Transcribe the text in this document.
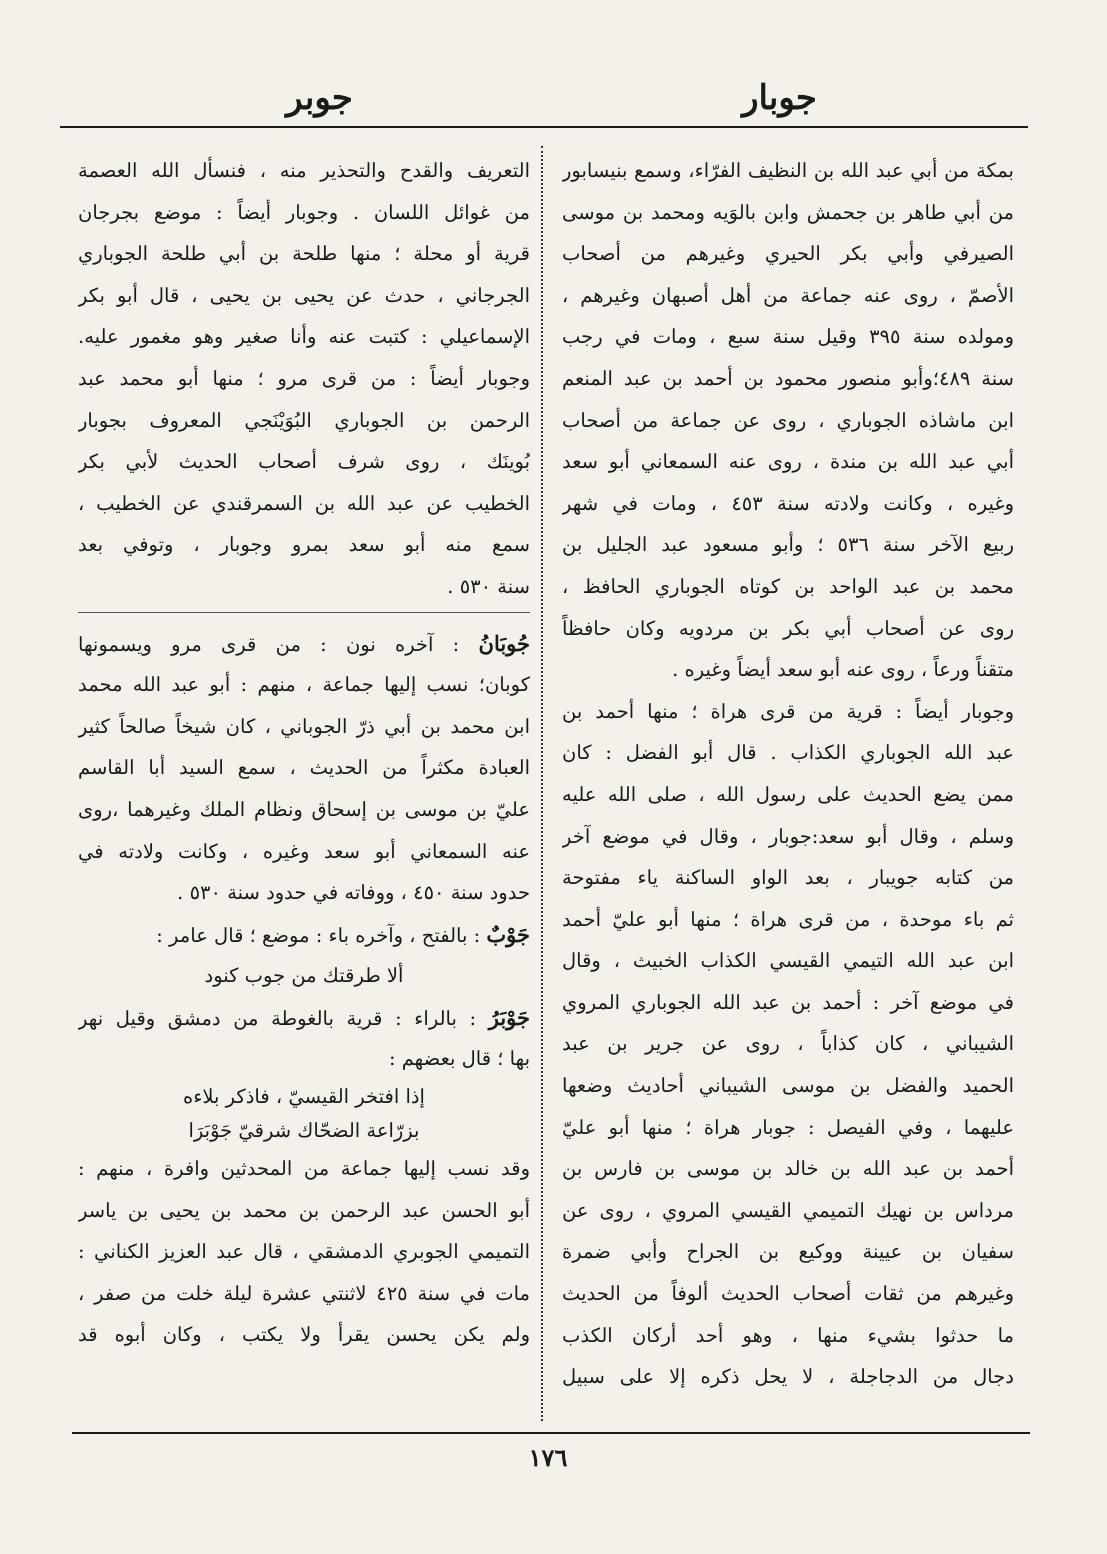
جوبار
جوبر
بمكة من أبي عبد الله بن النظيف الفرّاء، وسمع بنيسابور
من أبي طاهر بن جحمش وابن بالوَيه ومحمد بن موسى
الصيرفي وأبي بكر الحيري وغيرهم من أصحاب
الأصمّ ، روى عنه جماعة من أهل أصبهان وغيرهم ،
ومولده سنة ٣٩٥ وقيل سنة سبع ، ومات في رجب
سنة ٤٨٩؛وأبو منصور محمود بن أحمد بن عبد المنعم
ابن ماشاذه الجوباري ، روى عن جماعة من أصحاب
أبي عبد الله بن مندة ، روى عنه السمعاني أبو سعد
وغيره ، وكانت ولادته سنة ٤٥٣ ، ومات في شهر
ربيع الآخر سنة ٥٣٦ ؛ وأبو مسعود عبد الجليل بن
محمد بن عبد الواحد بن كوتاه الجوباري الحافظ ،
روى عن أصحاب أبي بكر بن مردويه وكان حافظاً
متقناً ورعاً ، روى عنه أبو سعد أيضاً وغيره .
وجوبار أيضاً : قرية من قرى هراة ؛ منها أحمد بن
عبد الله الجوباري الكذاب . قال أبو الفضل : كان
ممن يضع الحديث على رسول الله ، صلى الله عليه
وسلم ، وقال أبو سعد:جوبار ، وقال في موضع آخر
من كتابه جويبار ، بعد الواو الساكنة ياء مفتوحة
ثم باء موحدة ، من قرى هراة ؛ منها أبو عليّ أحمد
ابن عبد الله التيمي القيسي الكذاب الخبيث ، وقال
في موضع آخر : أحمد بن عبد الله الجوباري المروي
الشيباني ، كان كذاباً ، روى عن جرير بن عبد
الحميد والفضل بن موسى الشيباني أحاديث وضعها
عليهما ، وفي الفيصل : جوبار هراة ؛ منها أبو عليّ
أحمد بن عبد الله بن خالد بن موسى بن فارس بن
مرداس بن نهيك التميمي القيسي المروي ، روى عن
سفيان بن عيينة ووكيع بن الجراح وأبي ضمرة
وغيرهم من ثقات أصحاب الحديث ألوفاً من الحديث
ما حدثوا بشيء منها ، وهو أحد أركان الكذب
دجال من الدجاجلة ، لا يحل ذكره إلا على سبيل
التعريف والقدح والتحذير منه ، فنسأل الله العصمة
من غوائل اللسان . وجوبار أيضاً : موضع بجرجان
قرية أو محلة ؛ منها طلحة بن أبي طلحة الجوباري
الجرجاني ، حدث عن يحيى بن يحيى ، قال أبو بكر
الإسماعيلي : كتبت عنه وأنا صغير وهو مغمور عليه.
وجوبار أيضاً : من قرى مرو ؛ منها أبو محمد عبد
الرحمن بن الجوباري البُوَيْنَجي المعروف بجوبار
بُوينَك ، روى شرف أصحاب الحديث لأبي بكر
الخطيب عن عبد الله بن السمرقندي عن الخطيب ،
سمع منه أبو سعد بمرو وجوبار ، وتوفي بعد
سنة ٥٣٠ .
جُوبَانُ : آخره نون : من قرى مرو ويسمونها
كوبان؛ نسب إليها جماعة ، منهم : أبو عبد الله محمد
ابن محمد بن أبي ذرّ الجوباني ، كان شيخاً صالحاً كثير
العبادة مكثراً من الحديث ، سمع السيد أبا القاسم
عليّ بن موسى بن إسحاق ونظام الملك وغيرهما ،روى
عنه السمعاني أبو سعد وغيره ، وكانت ولادته في
حدود سنة ٤٥٠ ، ووفاته في حدود سنة ٥٣٠ .
جَوْبٌ : بالفتح ، وآخره باء : موضع ؛ قال عامر :
ألا طرقتك من جوب كنود
جَوْبَرُ : بالراء : قرية بالغوطة من دمشق وقيل نهر
بها ؛ قال بعضهم :
إذا افتخر القيسيّ ، فاذكر بلاءه
بزرّاعة الضحّاك شرقيّ جَوْبَرَا
وقد نسب إليها جماعة من المحدثين وافرة ، منهم :
أبو الحسن عبد الرحمن بن محمد بن يحيى بن ياسر
التميمي الجوبري الدمشقي ، قال عبد العزيز الكناني :
مات في سنة ٤٢٥ لاثنتي عشرة ليلة خلت من صفر ،
ولم يكن يحسن يقرأ ولا يكتب ، وكان أبوه قد
١٧٦
